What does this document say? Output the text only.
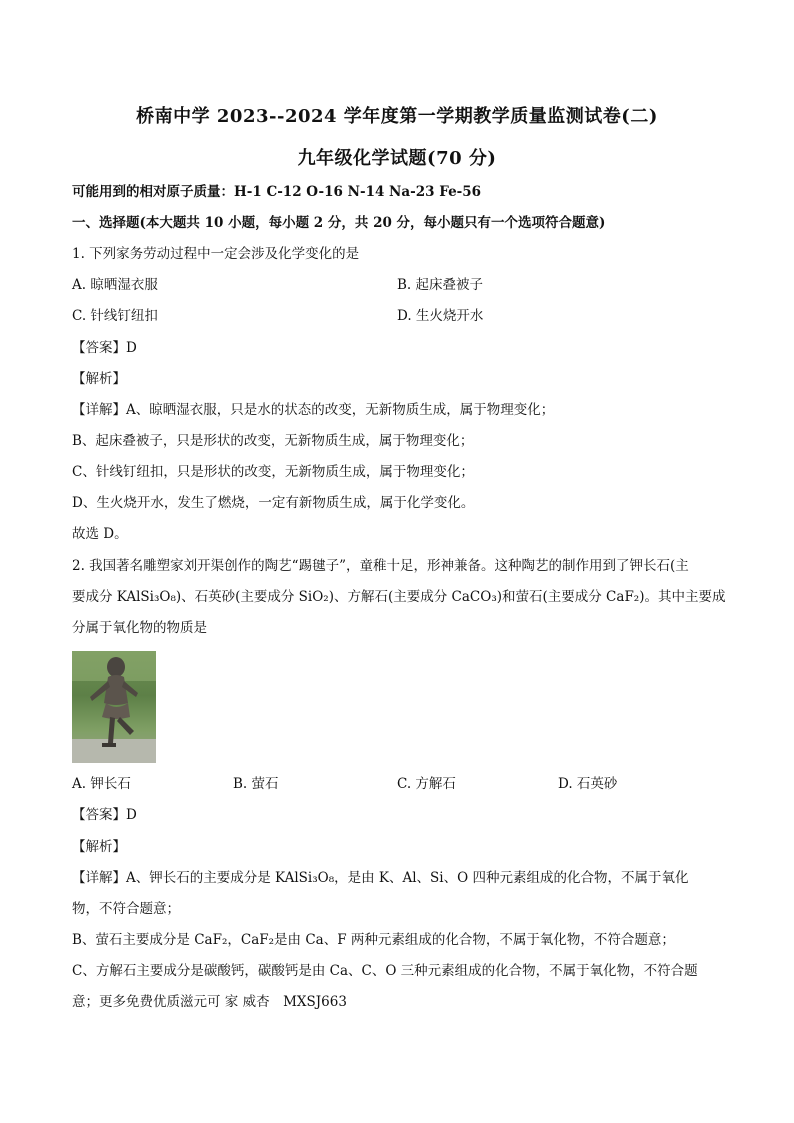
桥南中学 2023--2024 学年度第一学期教学质量监测试卷(二)
九年级化学试题(70 分)
可能用到的相对原子质量：H-1 C-12 O-16 N-14 Na-23 Fe-56
一、选择题(本大题共 10 小题，每小题 2 分，共 20 分，每小题只有一个选项符合题意)
1. 下列家务劳动过程中一定会涉及化学变化的是
A. 晾晒湿衣服	B. 起床叠被子
C. 针线钉纽扣	D. 生火烧开水
【答案】D
【解析】
【详解】A、晾晒湿衣服，只是水的状态的改变，无新物质生成，属于物理变化；
B、起床叠被子，只是形状的改变，无新物质生成，属于物理变化；
C、针线钉纽扣，只是形状的改变，无新物质生成，属于物理变化；
D、生火烧开水，发生了燃烧，一定有新物质生成，属于化学变化。
故选 D。
2. 我国著名雕塑家刘开渠创作的陶艺“踢毽子”，童稚十足，形神兼备。这种陶艺的制作用到了钾长石(主
要成分 KAlSi₃O₈)、石英砂(主要成分 SiO₂)、方解石(主要成分 CaCO₃)和萤石(主要成分 CaF₂)。其中主要成
分属于氧化物的物质是
A. 钾长石	B. 萤石	C. 方解石	D. 石英砂
【答案】D
【解析】
【详解】A、钾长石的主要成分是 KAlSi₃O₈，是由 K、Al、Si、O 四种元素组成的化合物，不属于氧化
物，不符合题意；
B、萤石主要成分是 CaF₂，CaF₂是由 Ca、F 两种元素组成的化合物，不属于氧化物，不符合题意；
C、方解石主要成分是碳酸钙，碳酸钙是由 Ca、C、O 三种元素组成的化合物，不属于氧化物，不符合题
意；更多免费优质滋元可 家 威杏　MXSJ663
